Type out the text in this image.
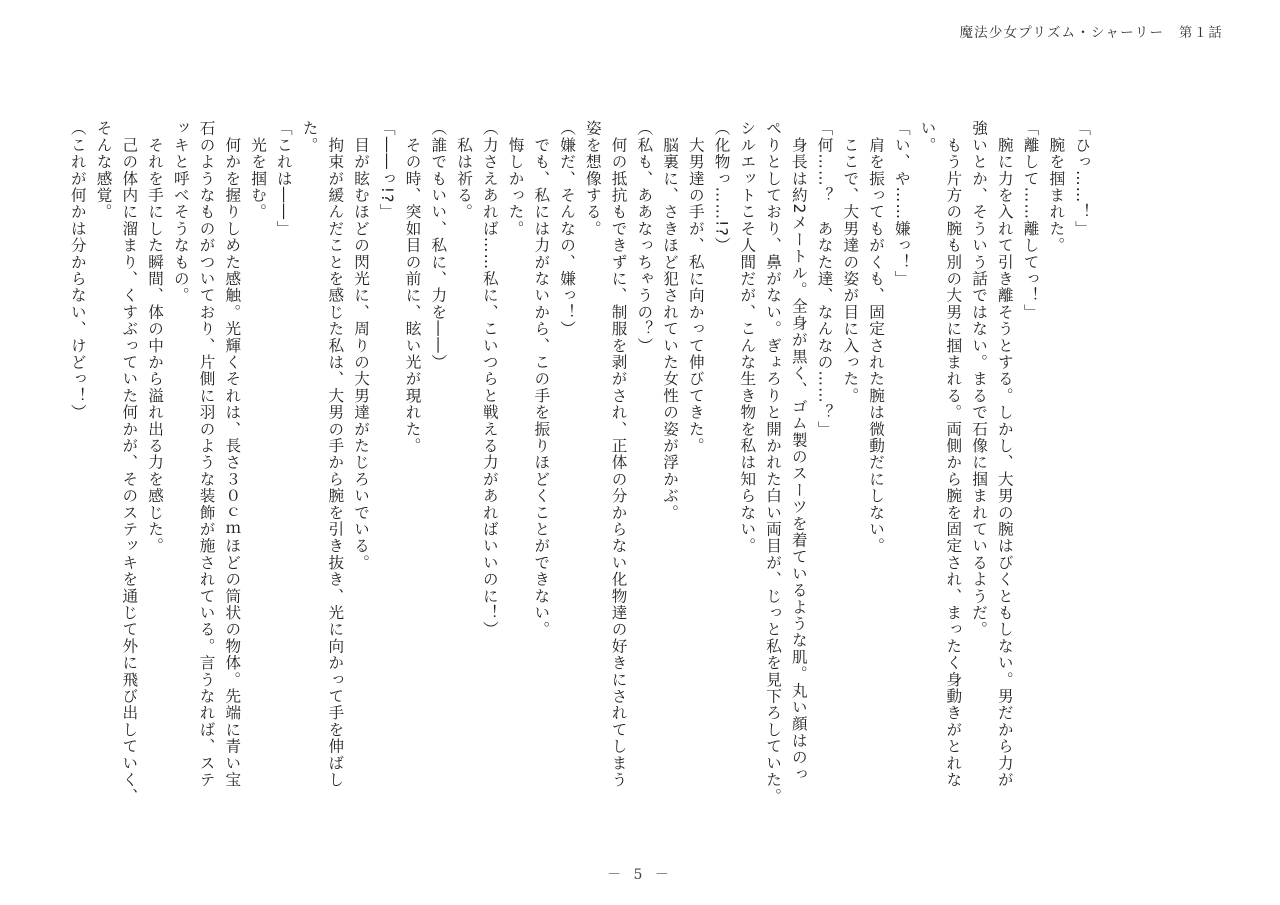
魔法少女プリズム・シャーリー　第１話
「ひっ……！」
　腕を掴まれた。
「離して……離してっ！」
　腕に力を入れて引き離そうとする。しかし、大男の腕はびくともしない。男だから力が
強いとか、そういう話ではない。まるで石像に掴まれているようだ。
　もう片方の腕も別の大男に掴まれる。両側から腕を固定され、まったく身動きがとれな
い。
「い、や……嫌っ！」
　肩を振ってもがくも、固定された腕は微動だにしない。
　ここで、大男達の姿が目に入った。
「何……？　あなた達、なんなの……？」
　身長は約2メートル。全身が黒く、ゴム製のスーツを着ているような肌。丸い顔はのっ
ぺりとしており、鼻がない。ぎょろりと開かれた白い両目が、じっと私を見下ろしていた。
シルエットこそ人間だが、こんな生き物を私は知らない。
（化物っ……!?）
　大男達の手が、私に向かって伸びてきた。
　脳裏に、さきほど犯されていた女性の姿が浮かぶ。
（私も、ああなっちゃうの？）
　何の抵抗もできずに、制服を剥がされ、正体の分からない化物達の好きにされてしまう
姿を想像する。
（嫌だ、そんなの、嫌っ！）
　でも、私には力がないから、この手を振りほどくことができない。
　悔しかった。
（力さえあれば……私に、こいつらと戦える力があればいいのに！）
　私は祈る。
（誰でもいい、私に、力を――）
　その時、突如目の前に、眩い光が現れた。
「――っ!?」
　目が眩むほどの閃光に、周りの大男達がたじろいでいる。
　拘束が緩んだことを感じた私は、大男の手から腕を引き抜き、光に向かって手を伸ばし
た。
「これは――」
　光を掴む。
　何かを握りしめた感触。光輝くそれは、長さ３０ｃｍほどの筒状の物体。先端に青い宝
石のようなものがついており、片側に羽のような装飾が施されている。言うなれば、ステ
ッキと呼べそうなもの。
　それを手にした瞬間、体の中から溢れ出る力を感じた。
　己の体内に溜まり、くすぶっていた何かが、そのステッキを通じて外に飛び出していく、
そんな感覚。
（これが何かは分からない、けどっ！）
－ 5 －
